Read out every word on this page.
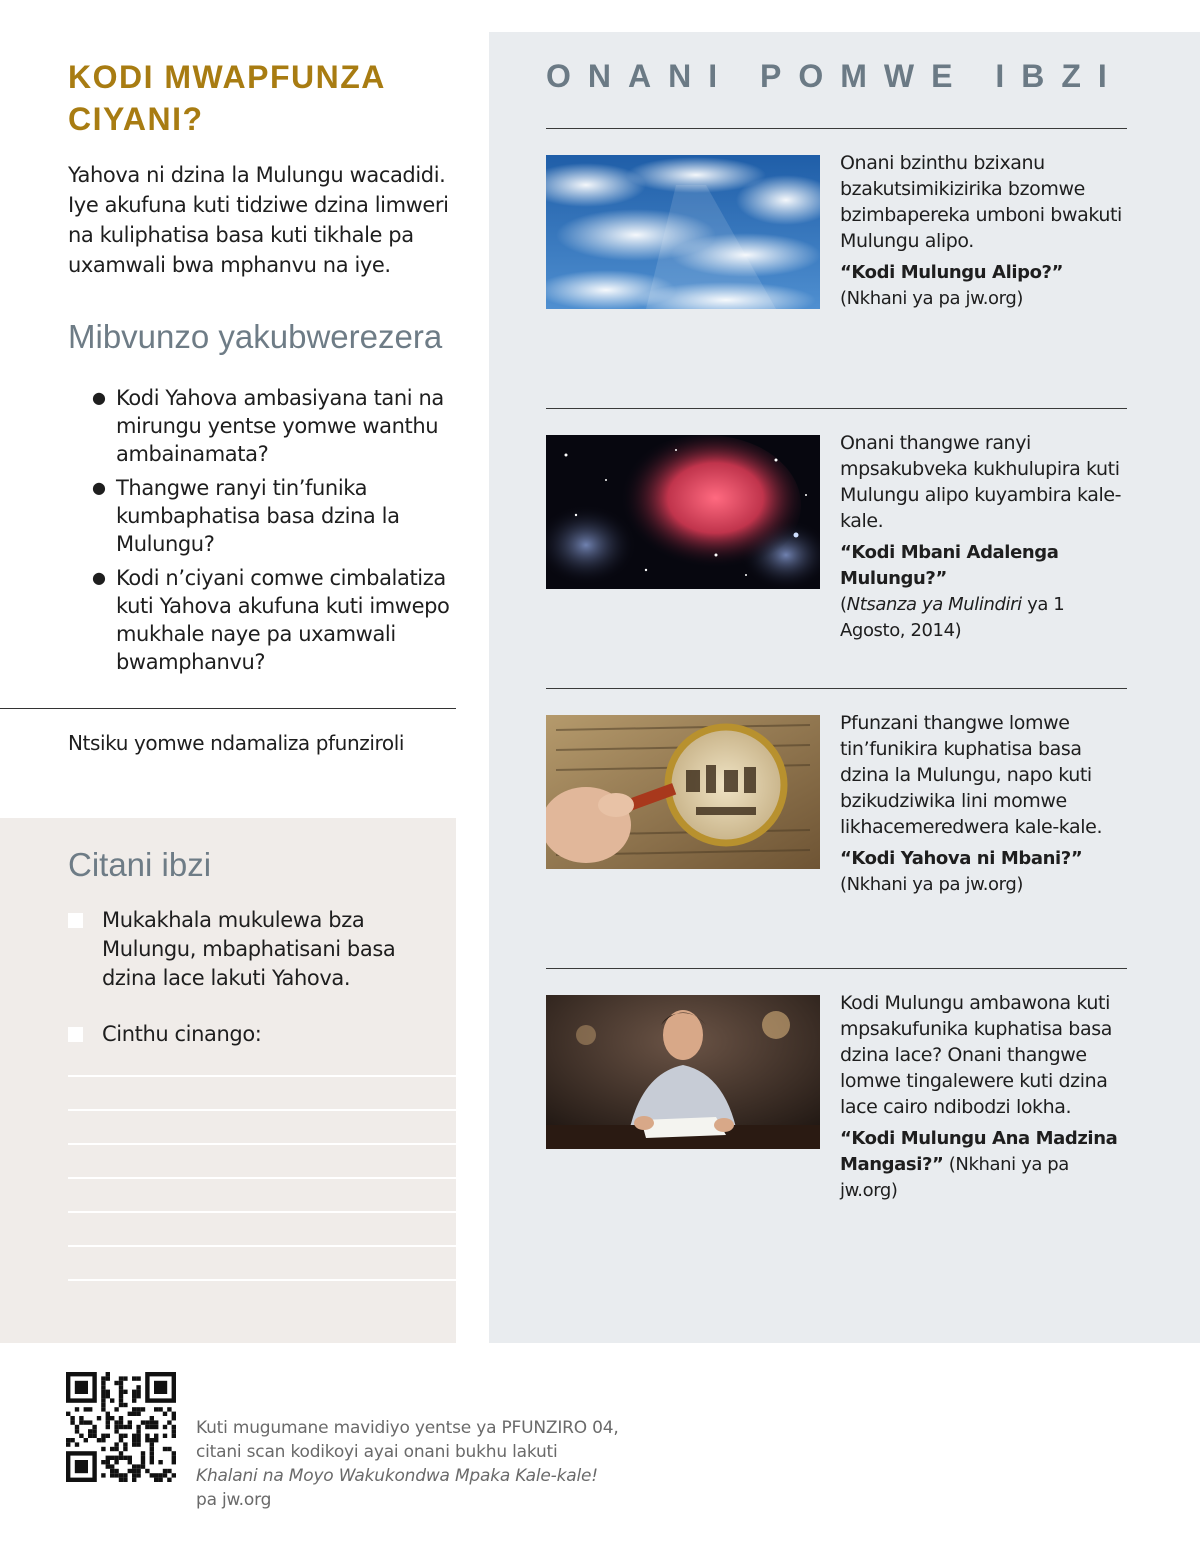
KODI MWAPFUNZA CIYANI?

Yahova ni dzina la Mulungu wacadidi. Iye akufuna kuti tidziwe dzina limweri na kuliphatisa basa kuti tikhale pa uxamwali bwa mphanvu na iye.

Mibvunzo yakubwerezera
● Kodi Yahova ambasiyana tani na mirungu yentse yomwe wanthu ambainamata?
● Thangwe ranyi tin’funika kumbaphatisa basa dzina la Mulungu?
● Kodi n’ciyani comwe cimbalatiza kuti Yahova akufuna kuti imwepo mukhale naye pa uxamwali bwamphanvu?
Ntsiku yomwe ndamaliza pfunziroli
Citani ibzi
Mukakhala mukulewa bza Mulungu, mbaphatisani basa dzina lace lakuti Yahova.
Cinthu cinango:
ONANI POMWE IBZI
Onani bzinthu bzixanu bzakutsimikizirika bzomwe bzimbapereka umboni bwakuti Mulungu alipo.
“Kodi Mulungu Alipo?” (Nkhani ya pa jw.org)
Onani thangwe ranyi mpsakubveka kukhulupira kuti Mulungu alipo kuyambira kale-kale.
“Kodi Mbani Adalenga Mulungu?”
(Ntsanza ya Mulindiri ya 1 Agosto, 2014)
Pfunzani thangwe lomwe tin’funikira kuphatisa basa dzina la Mulungu, napo kuti bzikudziwika lini momwe likhacemeredwera kale-kale.
“Kodi Yahova ni Mbani?”
(Nkhani ya pa jw.org)
Kodi Mulungu ambawona kuti mpsakufunika kuphatisa basa dzina lace? Onani thangwe lomwe tingalewere kuti dzina lace cairo ndibodzi lokha.
“Kodi Mulungu Ana Madzina Mangasi?” (Nkhani ya pa jw.org)
Kuti mugumane mavidiyo yentse ya PFUNZIRO 04,
citani scan kodikoyi ayai onani bukhu lakuti
Khalani na Moyo Wakukondwa Mpaka Kale-kale!
pa jw.org
